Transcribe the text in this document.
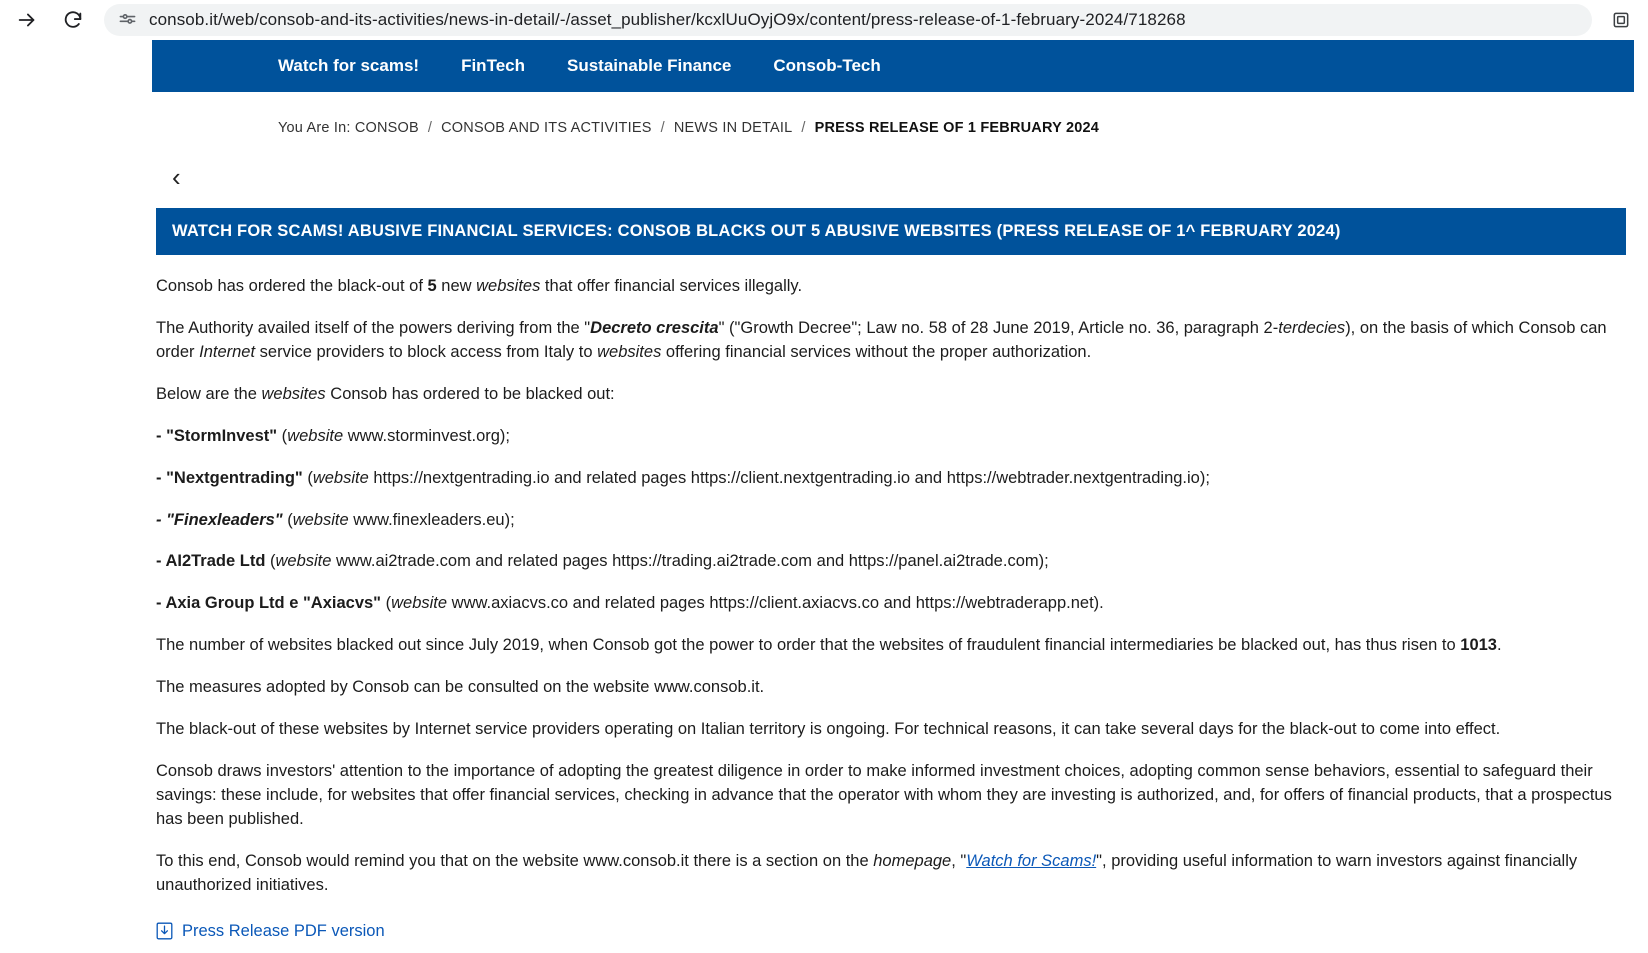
consob.it/web/consob-and-its-activities/news-in-detail/-/asset_publisher/kcxlUuOyjO9x/content/press-release-of-1-february-2024/718268
Watch for scams! FinTech Sustainable Finance Consob-Tech
You Are In: CONSOB / CONSOB AND ITS ACTIVITIES / NEWS IN DETAIL / PRESS RELEASE OF 1 FEBRUARY 2024
‹
WATCH FOR SCAMS! ABUSIVE FINANCIAL SERVICES: CONSOB BLACKS OUT 5 ABUSIVE WEBSITES (PRESS RELEASE OF 1^ FEBRUARY 2024)

Consob has ordered the black-out of 5 new websites that offer financial services illegally.

The Authority availed itself of the powers deriving from the "Decreto crescita" ("Growth Decree"; Law no. 58 of 28 June 2019, Article no. 36, paragraph 2-terdecies), on the basis of which Consob can order Internet service providers to block access from Italy to websites offering financial services without the proper authorization.

Below are the websites Consob has ordered to be blacked out:

- "StormInvest" (website www.storminvest.org);

- "Nextgentrading" (website https://nextgentrading.io and related pages https://client.nextgentrading.io and https://webtrader.nextgentrading.io);

- "Finexleaders" (website www.finexleaders.eu);

- AI2Trade Ltd (website www.ai2trade.com and related pages https://trading.ai2trade.com and https://panel.ai2trade.com);

- Axia Group Ltd e "Axiacvs" (website www.axiacvs.co and related pages https://client.axiacvs.co and https://webtraderapp.net).

The number of websites blacked out since July 2019, when Consob got the power to order that the websites of fraudulent financial intermediaries be blacked out, has thus risen to 1013.

The measures adopted by Consob can be consulted on the website www.consob.it.

The black-out of these websites by Internet service providers operating on Italian territory is ongoing. For technical reasons, it can take several days for the black-out to come into effect.

Consob draws investors' attention to the importance of adopting the greatest diligence in order to make informed investment choices, adopting common sense behaviors, essential to safeguard their savings: these include, for websites that offer financial services, checking in advance that the operator with whom they are investing is authorized, and, for offers of financial products, that a prospectus has been published.

To this end, Consob would remind you that on the website www.consob.it there is a section on the homepage, "Watch for Scams!", providing useful information to warn investors against financially unauthorized initiatives.

Press Release PDF version
